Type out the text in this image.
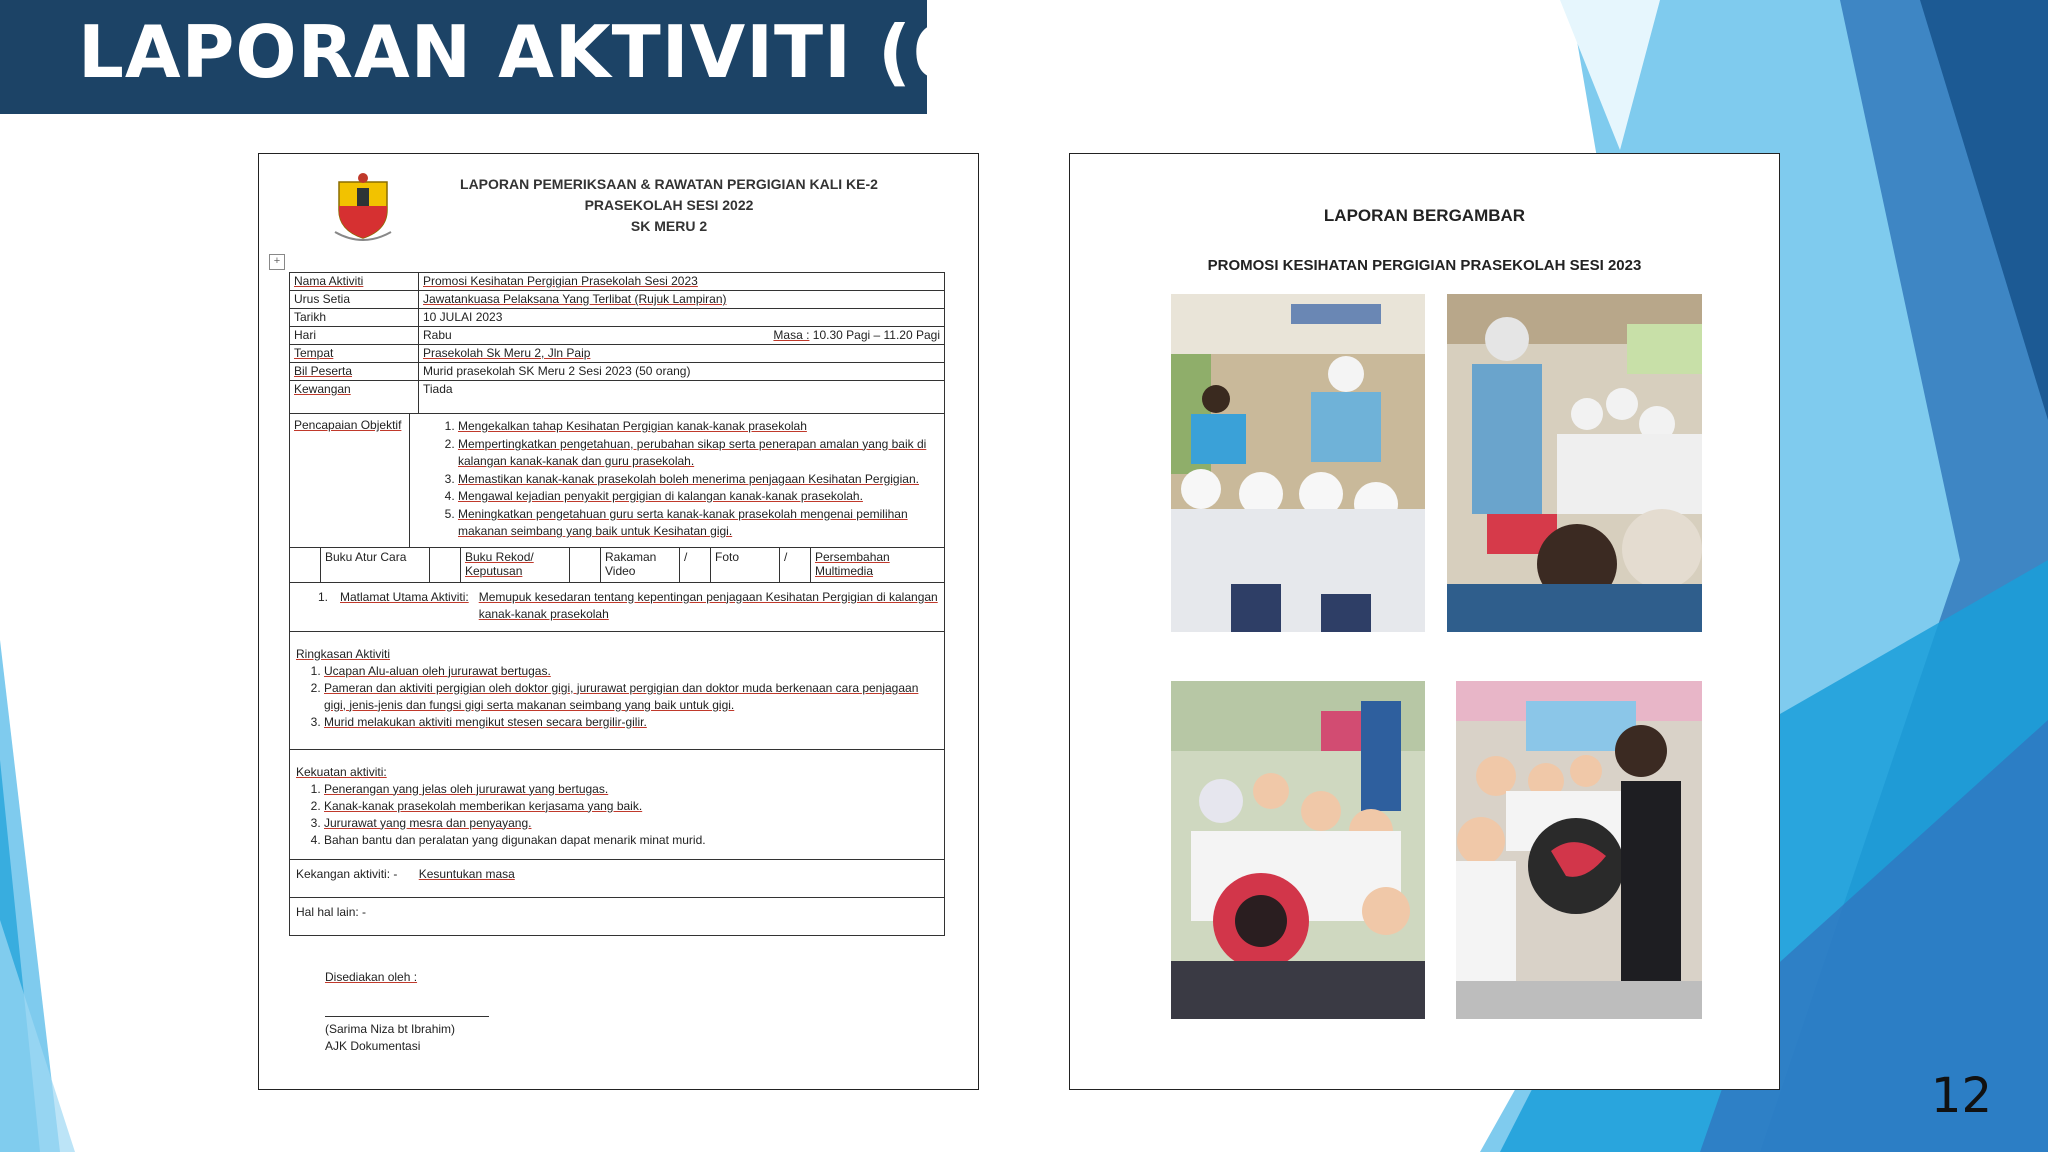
LAPORAN AKTIVITI (6)
LAPORAN PEMERIKSAAN & RAWATAN PERGIGIAN KALI KE-2
PRASEKOLAH SESI 2022
SK MERU 2
+
Nama Aktiviti	Promosi Kesihatan Pergigian Prasekolah Sesi 2023
Urus Setia	Jawatankuasa Pelaksana Yang Terlibat (Rujuk Lampiran)
Tarikh	10 JULAI 2023
Hari	Rabu Masa : 10.30 Pagi – 11.20 Pagi

Tempat	Prasekolah Sk Meru 2, Jln Paip
Bil Peserta	Murid prasekolah SK Meru 2 Sesi 2023 (50 orang)
Kewangan	Tiada
Pencapaian Objektif	1. Mengekalkan tahap Kesihatan Pergigian kanak-kanak prasekolah
2. Mempertingkatkan pengetahuan, perubahan sikap serta penerapan amalan yang baik di kalangan kanak-kanak dan guru prasekolah.
3. Memastikan kanak-kanak prasekolah boleh menerima penjagaan Kesihatan Pergigian.
4. Mengawal kejadian penyakit pergigian di kalangan kanak-kanak prasekolah.
5. Meningkatkan pengetahuan guru serta kanak-kanak prasekolah mengenai pemilihan makanan seimbang yang baik untuk Kesihatan gigi.
	Buku Atur Cara		Buku Rekod/ Keputusan		Rakaman Video	/	Foto	/	Persembahan Multimedia
1. Matlamat Utama Aktiviti: Memupuk kesedaran tentang kepentingan penjagaan Kesihatan Pergigian di kalangan kanak-kanak prasekolah
Ringkasan Aktiviti
1. Ucapan Alu-aluan oleh jururawat bertugas.
2. Pameran dan aktiviti pergigian oleh doktor gigi, jururawat pergigian dan doktor muda berkenaan cara penjagaan gigi, jenis-jenis dan fungsi gigi serta makanan seimbang yang baik untuk gigi.
3. Murid melakukan aktiviti mengikut stesen secara bergilir-gilir.
Kekuatan aktiviti:
1. Penerangan yang jelas oleh jururawat yang bertugas.
2. Kanak-kanak prasekolah memberikan kerjasama yang baik.
3. Jururawat yang mesra dan penyayang.
4. Bahan bantu dan peralatan yang digunakan dapat menarik minat murid.
Kekangan aktiviti: - Kesuntukan masa
Hal hal lain: -
Disediakan oleh :
(Sarima Niza bt Ibrahim)
AJK Dokumentasi
LAPORAN BERGAMBAR
PROMOSI KESIHATAN PERGIGIAN PRASEKOLAH SESI 2023
12
